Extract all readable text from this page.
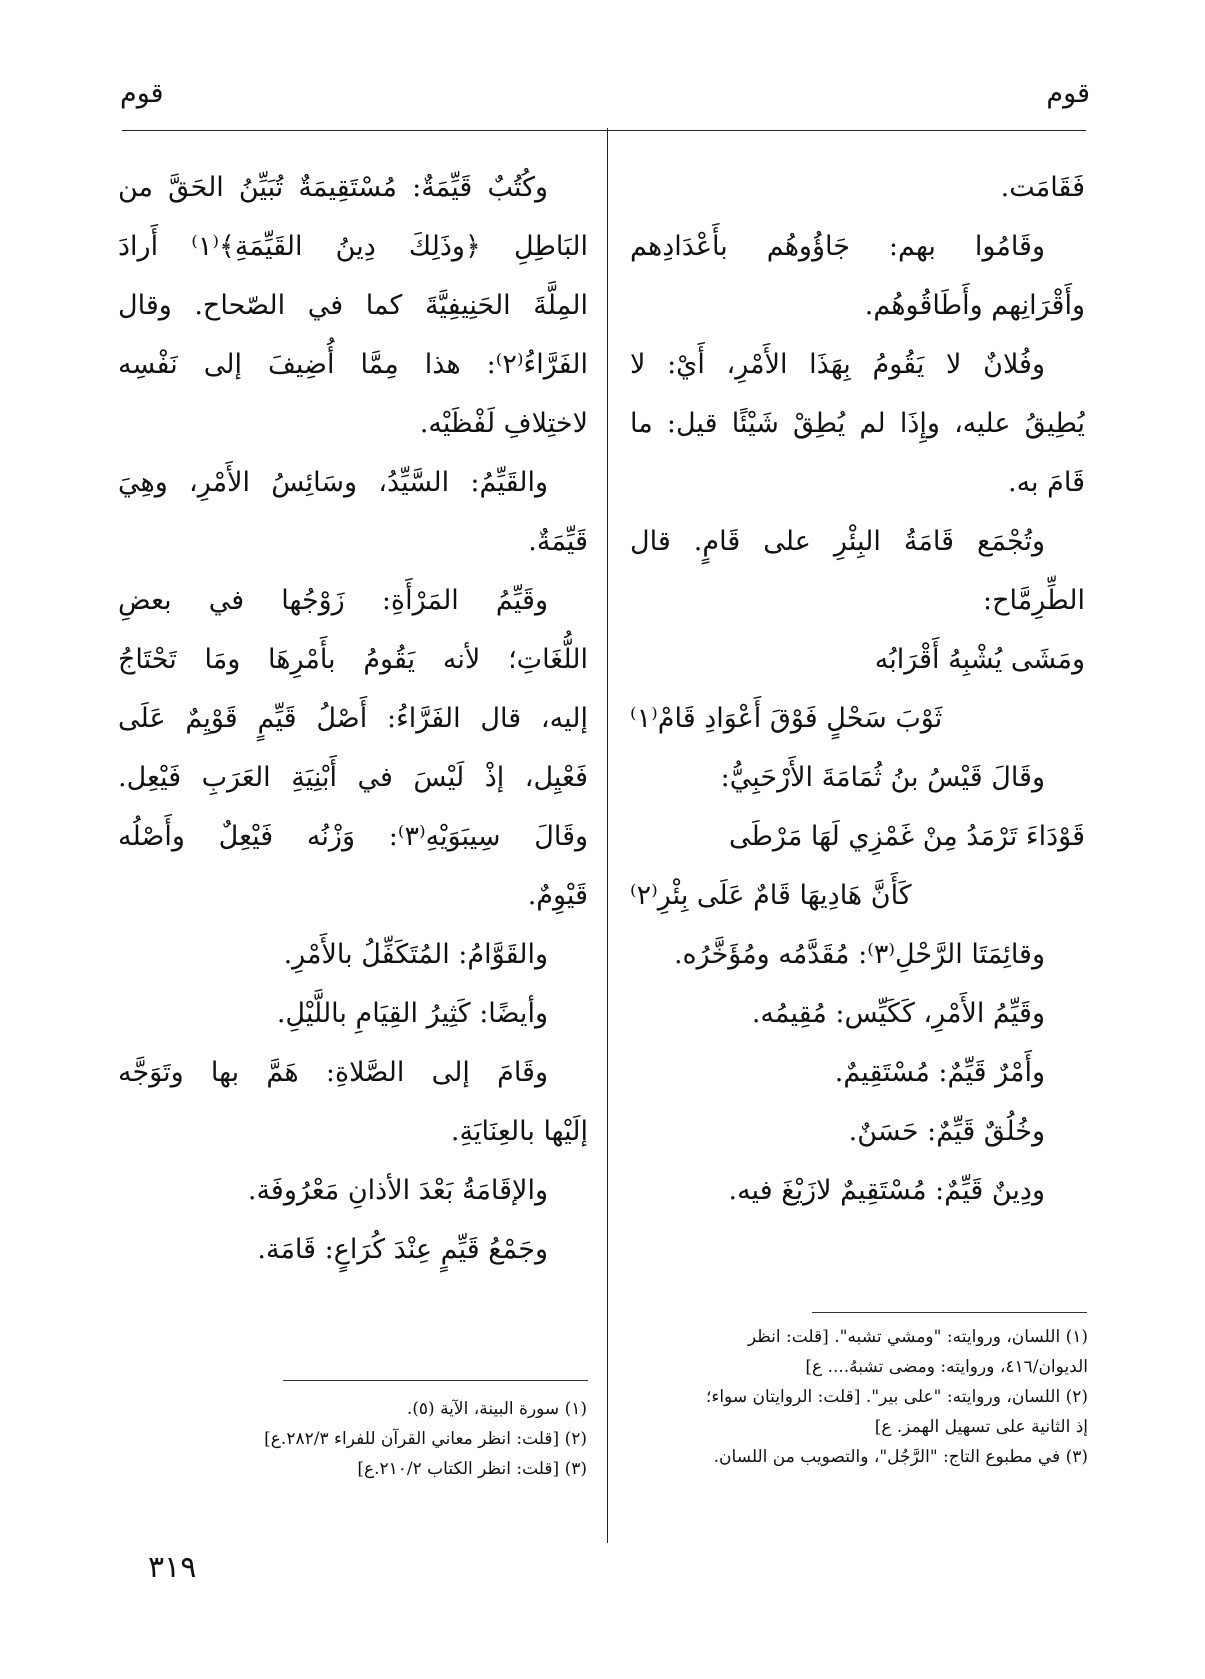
قوم
قوم
فَقَامَت.
وقَامُوا بهم: جَاؤُوهُم بأَعْدَادِهم
وأَقْرَانِهم وأَطَاقُوهُم.
وفُلانٌ لا يَقُومُ بِهَذَا الأَمْرِ، أَيْ: لا
يُطِيقُ عليه، وإِذَا لم يُطِقْ شَيْئًا قيل: ما
قَامَ به.
وتُجْمَع قَامَةُ البِئْرِ على قَامٍ. قال
الطِّرِمَّاح:
ومَشَى يُشْبِهُ أَقْرَابُه
ثَوْبَ سَحْلٍ فَوْقَ أَعْوَادِ قَامْ⁽١⁾
وقَالَ قَيْسُ بنُ ثُمَامَةَ الأَرْحَبِيُّ:
قَوْدَاءَ تَرْمَدُ مِنْ غَمْزِي لَهَا مَرْطَى
كَأَنَّ هَادِيهَا قَامٌ عَلَى بِئْرِ⁽٢⁾
وقائِمَتَا الرَّحْلِ⁽٣⁾: مُقَدَّمُه ومُؤَخَّرُه.
وقَيِّمُ الأَمْرِ، كَكَيِّس: مُقِيمُه.
وأَمْرٌ قَيِّمٌ: مُسْتَقِيمٌ.
وخُلُقٌ قَيِّمٌ: حَسَنٌ.
ودِينٌ قَيِّمٌ: مُسْتَقِيمٌ لازَيْغَ فيه.
(١) اللسان، وروايته: "ومشي تشبه". [قلت: انظر
الديوان/٤١٦، وروايته: ومضى تشبهُ.... ع]
(٢) اللسان، وروايته: "على بير". [قلت: الروايتان سواء؛
إذ الثانية على تسهيل الهمز. ع]
(٣) في مطبوع التاج: "الرَّجُل"، والتصويب من اللسان.
وكُتُبٌ قَيِّمَةٌ: مُسْتَقِيمَةٌ تُبَيِّنُ الحَقَّ من
البَاطِلِ ﴿وذَلِكَ دِينُ القَيِّمَةِ﴾⁽١⁾ أَرادَ
المِلَّةَ الحَنِيفِيَّةَ كما في الصّحاح. وقال
الفَرَّاءُ⁽٢⁾: هذا مِمَّا أُضِيفَ إلى نَفْسِه
لاختِلافِ لَفْظَيْه.
والقَيِّمُ: السَّيِّدُ، وسَائِسُ الأَمْرِ، وهِيَ
قَيِّمَةٌ.
وقَيِّمُ المَرْأَةِ: زَوْجُها في بعضِ
اللُّغَاتِ؛ لأنه يَقُومُ بأَمْرِهَا ومَا تَحْتَاجُ
إليه، قال الفَرَّاءُ: أَصْلُ قَيِّمٍ قَوْيِمٌ عَلَى
فَعْيِل، إذْ لَيْسَ في أَبْنِيَةِ العَرَبِ فَيْعِل.
وقَالَ سِيبَوَيْهِ⁽٣⁾: وَزْنُه فَيْعِلٌ وأَصْلُه
قَيْوِمٌ.
والقَوَّامُ: المُتَكَفِّلُ بالأَمْرِ.
وأيضًا: كَثِيرُ القِيَامِ باللَّيْلِ.
وقَامَ إلى الصَّلاةِ: هَمَّ بها وتَوَجَّه
إلَيْها بالعِنَايَةِ.
والإقَامَةُ بَعْدَ الأذانِ مَعْرُوفَة.
وجَمْعُ قَيِّمٍ عِنْدَ كُرَاعٍ: قَامَة.
(١) سورة البينة، الآية (٥).
(٢) [قلت: انظر معاني القرآن للفراء ٢٨٢/٣.ع]
(٣) [قلت: انظر الكتاب ٢١٠/٢.ع]
٣١٩
